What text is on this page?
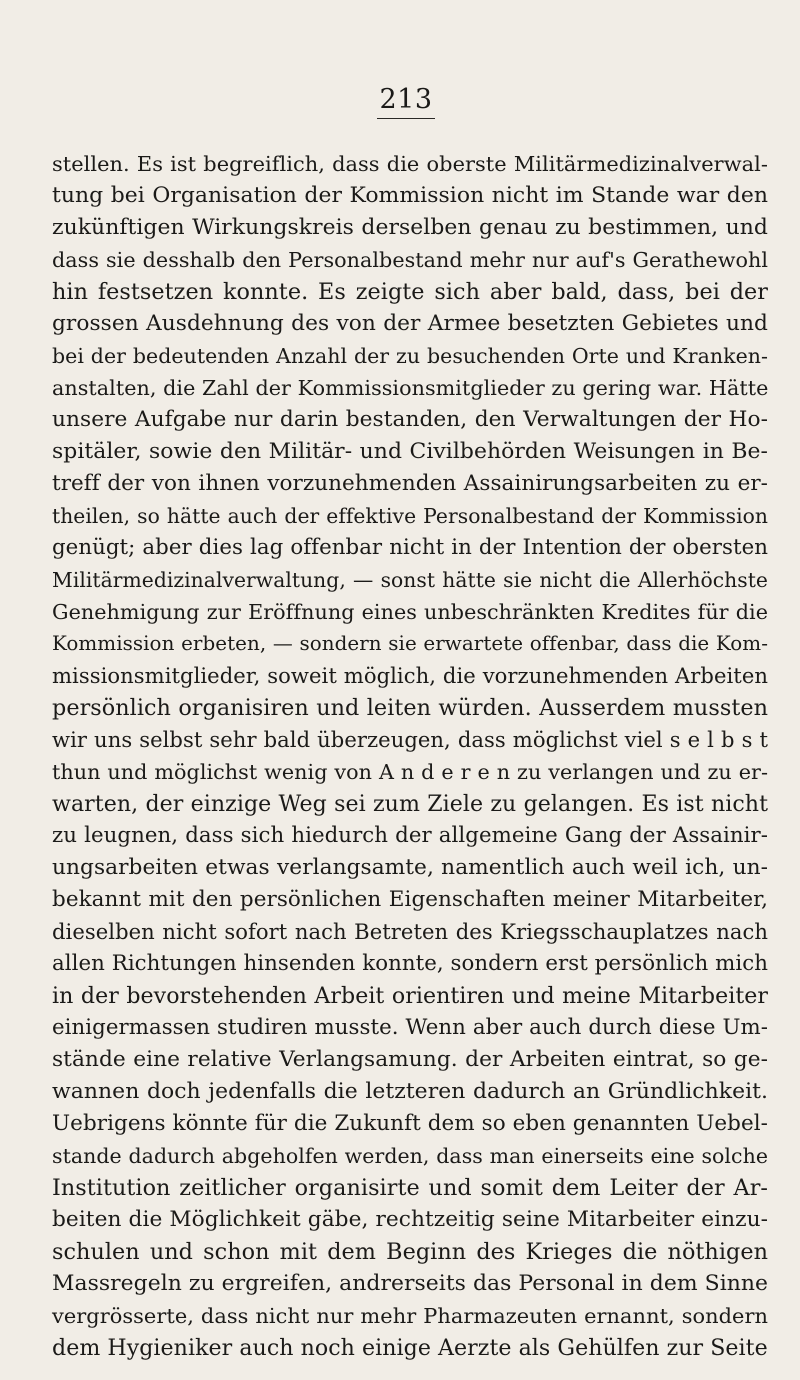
213
stellen. Es ist begreiflich, dass die oberste Militärmedizinalverwal-
tung bei Organisation der Kommission nicht im Stande war den
zukünftigen Wirkungskreis derselben genau zu bestimmen, und
dass sie desshalb den Personalbestand mehr nur auf's Gerathewohl
hin festsetzen konnte. Es zeigte sich aber bald, dass, bei der
grossen Ausdehnung des von der Armee besetzten Gebietes und
bei der bedeutenden Anzahl der zu besuchenden Orte und Kranken-
anstalten, die Zahl der Kommissionsmitglieder zu gering war. Hätte
unsere Aufgabe nur darin bestanden, den Verwaltungen der Ho-
spitäler, sowie den Militär- und Civilbehörden Weisungen in Be-
treff der von ihnen vorzunehmenden Assainirungsarbeiten zu er-
theilen, so hätte auch der effektive Personalbestand der Kommission
genügt; aber dies lag offenbar nicht in der Intention der obersten
Militärmedizinalverwaltung, — sonst hätte sie nicht die Allerhöchste
Genehmigung zur Eröffnung eines unbeschränkten Kredites für die
Kommission erbeten, — sondern sie erwartete offenbar, dass die Kom-
missionsmitglieder, soweit möglich, die vorzunehmenden Arbeiten
persönlich organisiren und leiten würden. Ausserdem mussten
wir uns selbst sehr bald überzeugen, dass möglichst viel s e l b s t
thun und möglichst wenig von A n d e r e n zu verlangen und zu er-
warten, der einzige Weg sei zum Ziele zu gelangen. Es ist nicht
zu leugnen, dass sich hiedurch der allgemeine Gang der Assainir-
ungsarbeiten etwas verlangsamte, namentlich auch weil ich, un-
bekannt mit den persönlichen Eigenschaften meiner Mitarbeiter,
dieselben nicht sofort nach Betreten des Kriegsschauplatzes nach
allen Richtungen hinsenden konnte, sondern erst persönlich mich
in der bevorstehenden Arbeit orientiren und meine Mitarbeiter
einigermassen studiren musste. Wenn aber auch durch diese Um-
stände eine relative Verlangsamung. der Arbeiten eintrat, so ge-
wannen doch jedenfalls die letzteren dadurch an Gründlichkeit.
Uebrigens könnte für die Zukunft dem so eben genannten Uebel-
stande dadurch abgeholfen werden, dass man einerseits eine solche
Institution zeitlicher organisirte und somit dem Leiter der Ar-
beiten die Möglichkeit gäbe, rechtzeitig seine Mitarbeiter einzu-
schulen und schon mit dem Beginn des Krieges die nöthigen
Massregeln zu ergreifen, andrerseits das Personal in dem Sinne
vergrösserte, dass nicht nur mehr Pharmazeuten ernannt, sondern
dem Hygieniker auch noch einige Aerzte als Gehülfen zur Seite
